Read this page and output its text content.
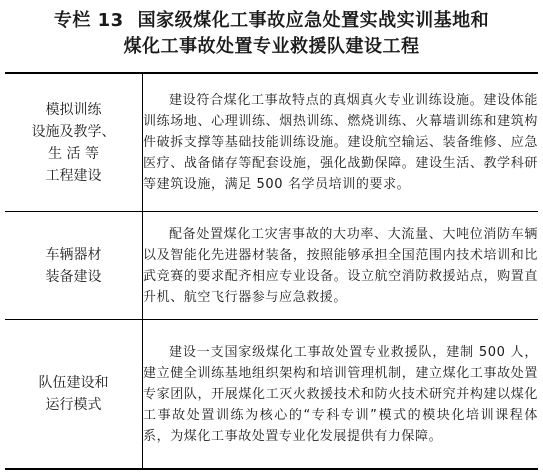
专栏 13 国家级煤化工事故应急处置实战实训基地和
煤化工事故处置专业救援队建设工程
模拟训练
设施及教学、
生 活 等
工程建设	建设符合煤化工事故特点的真烟真火专业训练设施。建设体能训练场地、心理训练、烟热训练、燃烧训练、火幕墙训练和建筑构件破拆支撑等基础技能训练设施。建设航空输运、装备维修、应急医疗、战备储存等配套设施，强化战勤保障。建设生活、教学科研等建筑设施，满足 500 名学员培训的要求。

车辆器材
装备建设	配备处置煤化工灾害事故的大功率、大流量、大吨位消防车辆以及智能化先进器材装备，按照能够承担全国范围内技术培训和比武竞赛的要求配齐相应专业设备。设立航空消防救援站点，购置直升机、航空飞行器参与应急救援。

队伍建设和
运行模式	建设一支国家级煤化工事故处置专业救援队，建制 500 人，建立健全训练基地组织架构和培训管理机制，建立煤化工事故处置专家团队，开展煤化工灭火救援技术和防火技术研究并构建以煤化工事故处置训练为核心的“专科专训”模式的模块化培训课程体系，为煤化工事故处置专业化发展提供有力保障。
